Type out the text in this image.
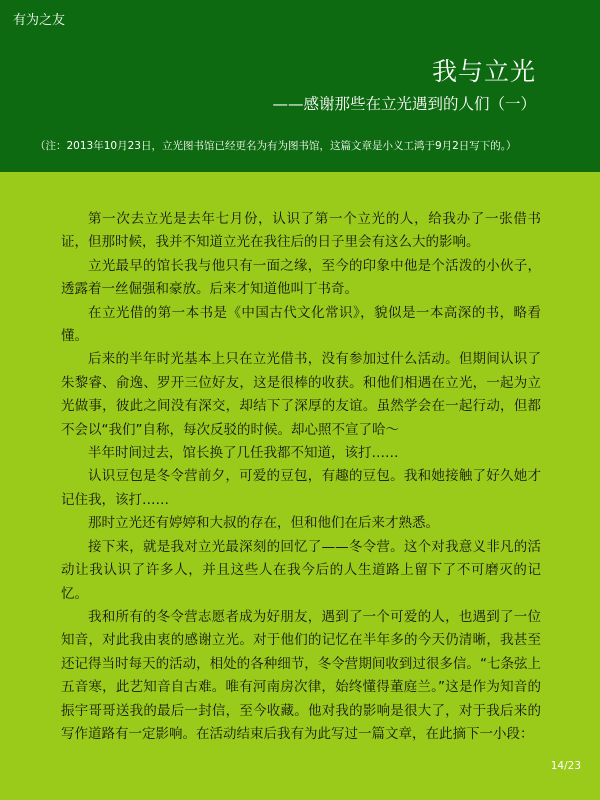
有为之友
我与立光
——感谢那些在立光遇到的人们（一）
（注：2013年10月23日，立光图书馆已经更名为有为图书馆，这篇文章是小义工鸿于9月2日写下的。）

第一次去立光是去年七月份，认识了第一个立光的人，给我办了一张借书证，但那时候，我并不知道立光在我往后的日子里会有这么大的影响。

立光最早的馆长我与他只有一面之缘，至今的印象中他是个活泼的小伙子，透露着一丝倔强和豪放。后来才知道他叫丁书奇。

在立光借的第一本书是《中国古代文化常识》，貌似是一本高深的书，略看懂。

后来的半年时光基本上只在立光借书，没有参加过什么活动。但期间认识了朱黎睿、俞逸、罗开三位好友，这是很棒的收获。和他们相遇在立光，一起为立光做事，彼此之间没有深交，却结下了深厚的友谊。虽然学会在一起行动，但都不会以“我们”自称，每次反驳的时候。却心照不宣了哈～

半年时间过去，馆长换了几任我都不知道，该打……

认识豆包是冬令营前夕，可爱的豆包，有趣的豆包。我和她接触了好久她才记住我，该打……

那时立光还有婷婷和大叔的存在，但和他们在后来才熟悉。

接下来，就是我对立光最深刻的回忆了——冬令营。这个对我意义非凡的活动让我认识了许多人，并且这些人在我今后的人生道路上留下了不可磨灭的记忆。

我和所有的冬令营志愿者成为好朋友，遇到了一个可爱的人，也遇到了一位知音，对此我由衷的感谢立光。对于他们的记忆在半年多的今天仍清晰，我甚至还记得当时每天的活动，相处的各种细节，冬令营期间收到过很多信。“七条弦上五音寒，此艺知音自古难。唯有河南房次律，始终懂得董庭兰。”这是作为知音的振宇哥哥送我的最后一封信，至今收藏。他对我的影响是很大了，对于我后来的写作道路有一定影响。在活动结束后我有为此写过一篇文章，在此摘下一小段：

14/23
